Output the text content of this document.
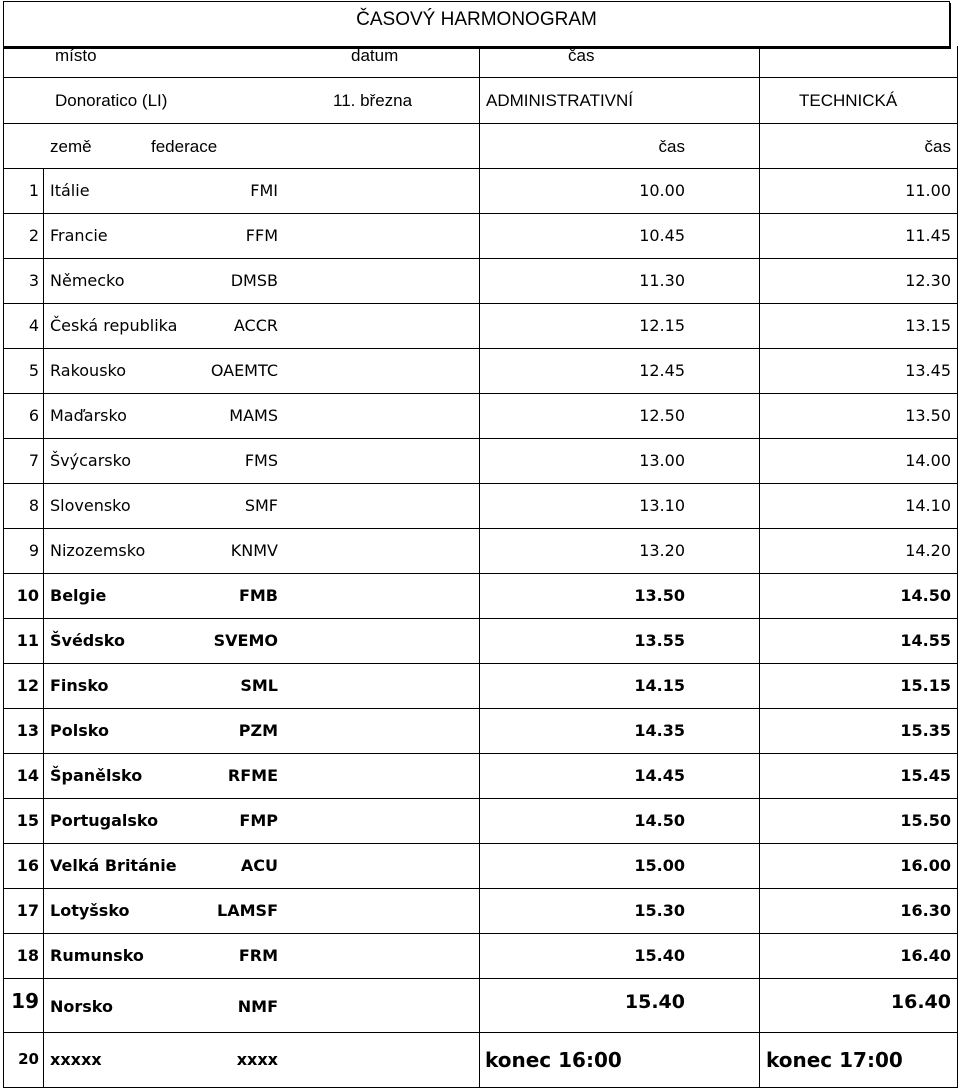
ČASOVÝ HARMONOGRAM
místo	datum	čas
Donoratico (LI)	11. března	ADMINISTRATIVNÍ	TECHNICKÁ
země	federace	čas	čas
1 Itálie	FMI	10.00	11.00
2 Francie	FFM	10.45	11.45
3 Německo	DMSB	11.30	12.30
4 Česká republika	ACCR	12.15	13.15
5 Rakousko	OAEMTC	12.45	13.45
6 Maďarsko	MAMS	12.50	13.50
7 Švýcarsko	FMS	13.00	14.00
8 Slovensko	SMF	13.10	14.10
9 Nizozemsko	KNMV	13.20	14.20
10 Belgie	FMB	13.50	14.50
11 Švédsko	SVEMO	13.55	14.55
12 Finsko	SML	14.15	15.15
13 Polsko	PZM	14.35	15.35
14 Španělsko	RFME	14.45	15.45
15 Portugalsko	FMP	14.50	15.50
16 Velká Británie	ACU	15.00	16.00
17 Lotyšsko	LAMSF	15.30	16.30
18 Rumunsko	FRM	15.40	16.40
19 Norsko	NMF	15.40	16.40
20 xxxxx	xxxx	konec 16:00	konec 17:00
